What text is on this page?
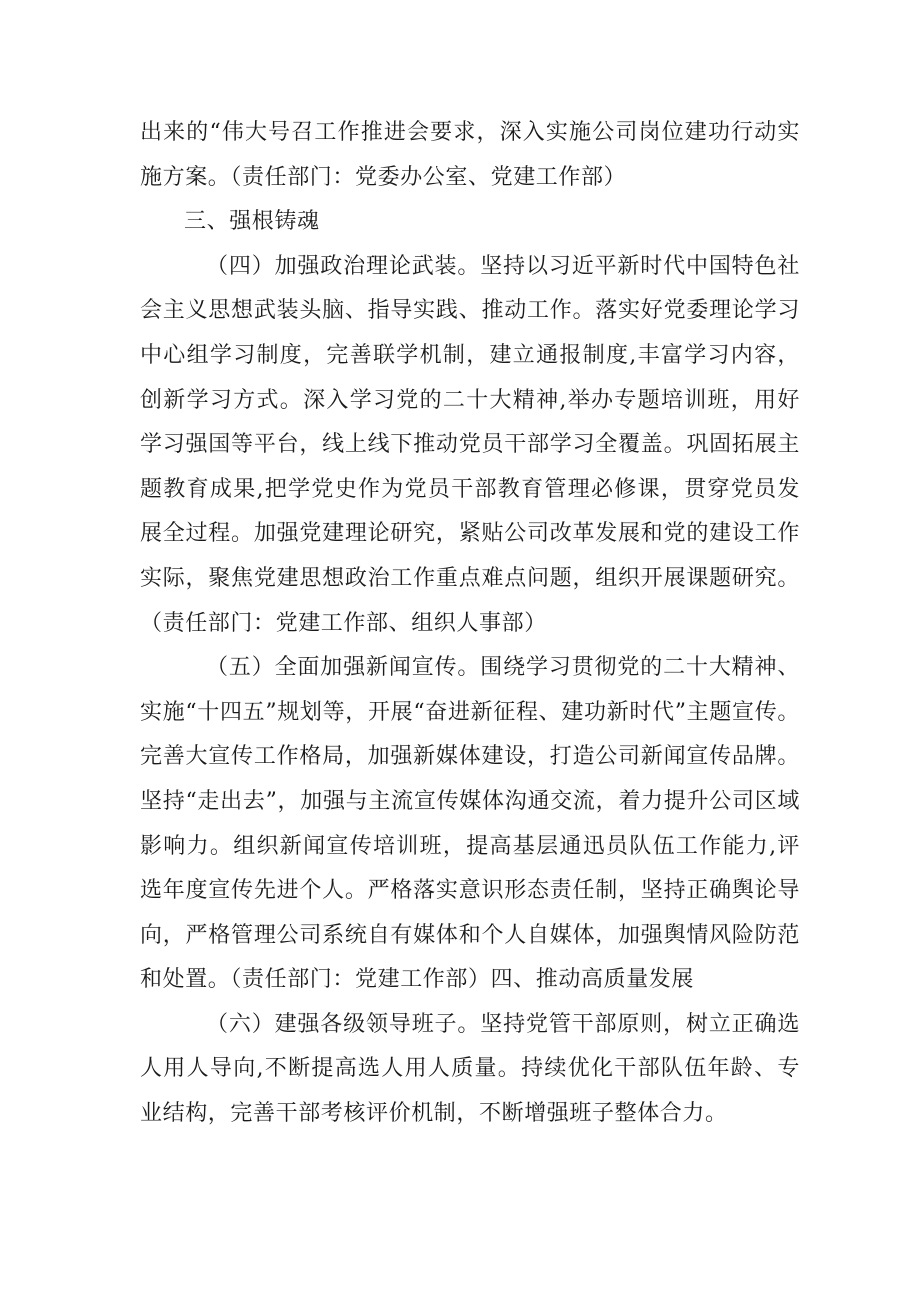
出来的“伟大号召工作推进会要求，深入实施公司岗位建功行动实施方案。（责任部门：党委办公室、党建工作部）

三、强根铸魂

（四）加强政治理论武装。坚持以习近平新时代中国特色社会主义思想武装头脑、指导实践、推动工作。落实好党委理论学习中心组学习制度，完善联学机制，建立通报制度,丰富学习内容，创新学习方式。深入学习党的二十大精神,举办专题培训班，用好学习强国等平台，线上线下推动党员干部学习全覆盖。巩固拓展主题教育成果,把学党史作为党员干部教育管理必修课，贯穿党员发展全过程。加强党建理论研究，紧贴公司改革发展和党的建设工作实际，聚焦党建思想政治工作重点难点问题，组织开展课题研究。（责任部门：党建工作部、组织人事部）

（五）全面加强新闻宣传。围绕学习贯彻党的二十大精神、实施“十四五”规划等，开展“奋进新征程、建功新时代”主题宣传。完善大宣传工作格局，加强新媒体建设，打造公司新闻宣传品牌。坚持“走出去”，加强与主流宣传媒体沟通交流，着力提升公司区域影响力。组织新闻宣传培训班，提高基层通迅员队伍工作能力,评选年度宣传先进个人。严格落实意识形态责任制，坚持正确舆论导向，严格管理公司系统自有媒体和个人自媒体，加强舆情风险防范和处置。（责任部门：党建工作部）四、推动高质量发展

（六）建强各级领导班子。坚持党管干部原则，树立正确选人用人导向,不断提高选人用人质量。持续优化干部队伍年龄、专业结构，完善干部考核评价机制，不断增强班子整体合力。
